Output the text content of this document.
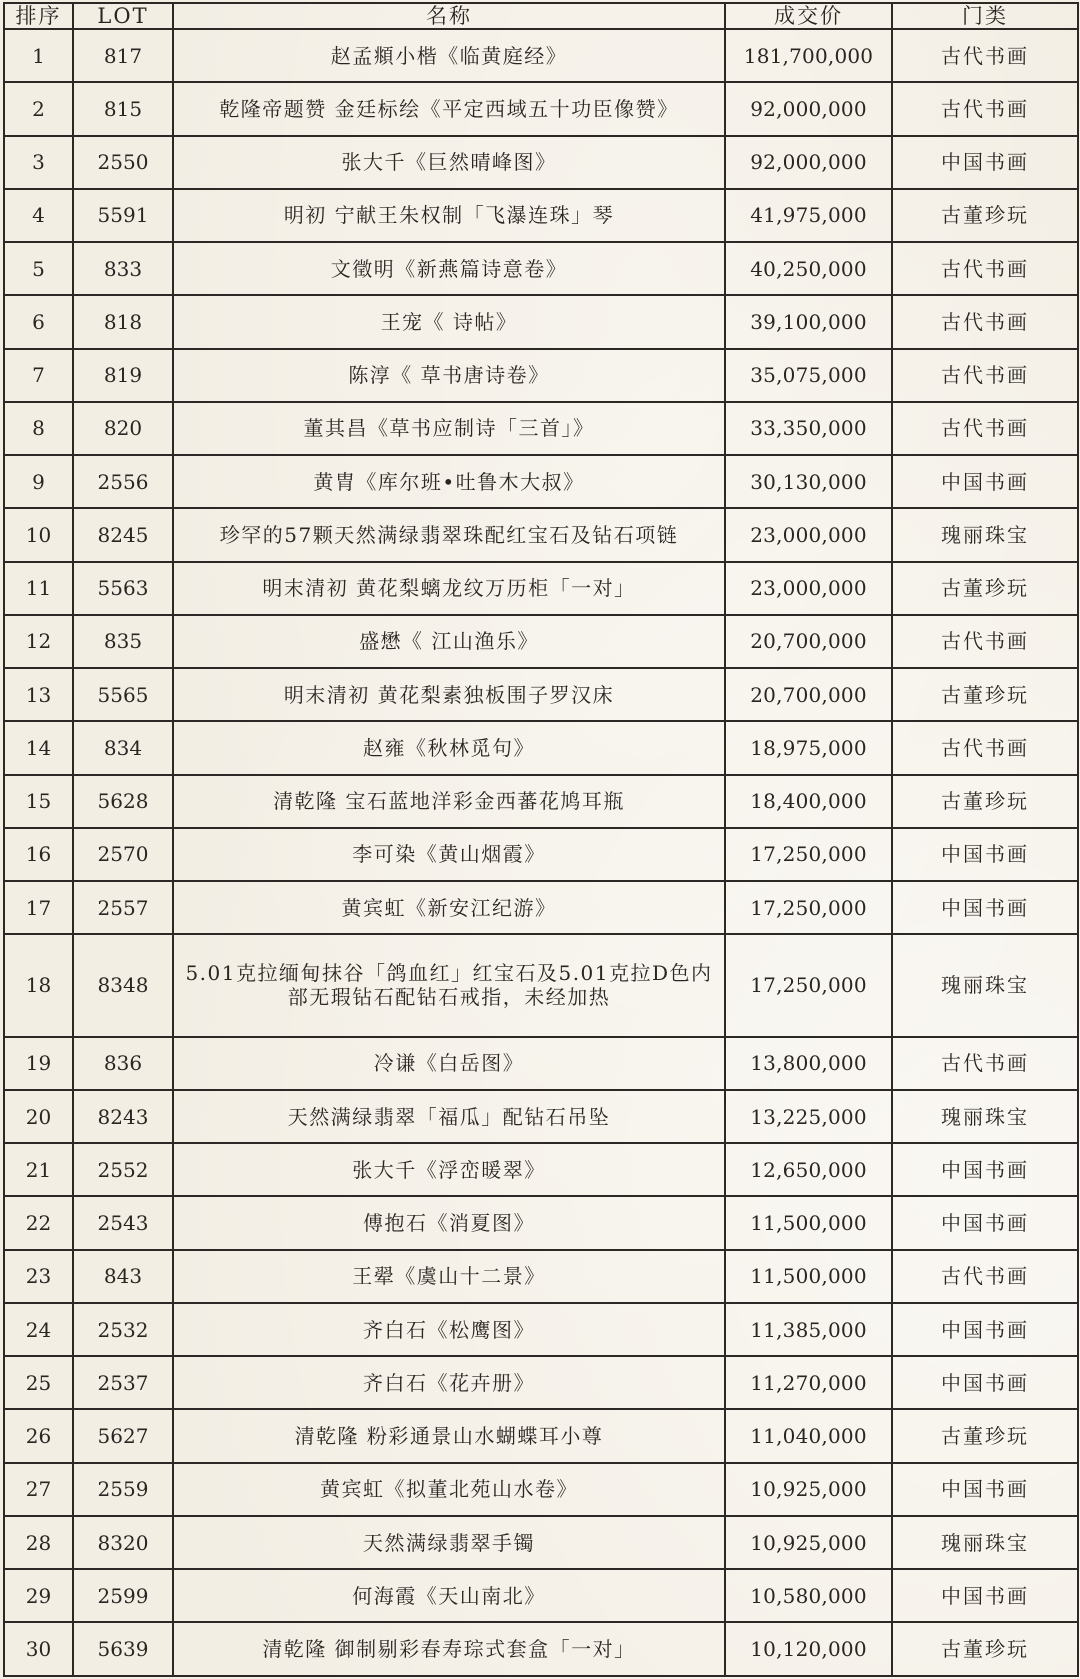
排序	LOT	名称	成交价	门类
1	817	赵孟頫小楷《临黄庭经》	181,700,000	古代书画
2	815	乾隆帝题赞 金廷标绘《平定西域五十功臣像赞》	92,000,000	古代书画
3	2550	张大千《巨然晴峰图》	92,000,000	中国书画
4	5591	明初 宁献王朱权制「飞瀑连珠」琴	41,975,000	古董珍玩
5	833	文徵明《新燕篇诗意卷》	40,250,000	古代书画
6	818	王宠《 诗帖》	39,100,000	古代书画
7	819	陈淳《 草书唐诗卷》	35,075,000	古代书画
8	820	董其昌《草书应制诗「三首」》	33,350,000	古代书画
9	2556	黄胄《库尔班•吐鲁木大叔》	30,130,000	中国书画
10	8245	珍罕的57颗天然满绿翡翠珠配红宝石及钻石项链	23,000,000	瑰丽珠宝
11	5563	明末清初 黄花梨螭龙纹万历柜「一对」	23,000,000	古董珍玩
12	835	盛懋《 江山渔乐》	20,700,000	古代书画
13	5565	明末清初 黄花梨素独板围子罗汉床	20,700,000	古董珍玩
14	834	赵雍《秋林觅句》	18,975,000	古代书画
15	5628	清乾隆 宝石蓝地洋彩金西蕃花鸠耳瓶	18,400,000	古董珍玩
16	2570	李可染《黄山烟霞》	17,250,000	中国书画
17	2557	黄宾虹《新安江纪游》	17,250,000	中国书画
18	8348	5.01克拉缅甸抹谷「鸽血红」红宝石及5.01克拉D色内部无瑕钻石配钻石戒指，未经加热	17,250,000	瑰丽珠宝
19	836	冷谦《白岳图》	13,800,000	古代书画
20	8243	天然满绿翡翠「福瓜」配钻石吊坠	13,225,000	瑰丽珠宝
21	2552	张大千《浮峦暖翠》	12,650,000	中国书画
22	2543	傅抱石《消夏图》	11,500,000	中国书画
23	843	王翚《虞山十二景》	11,500,000	古代书画
24	2532	齐白石《松鹰图》	11,385,000	中国书画
25	2537	齐白石《花卉册》	11,270,000	中国书画
26	5627	清乾隆 粉彩通景山水蝴蝶耳小尊	11,040,000	古董珍玩
27	2559	黄宾虹《拟董北苑山水卷》	10,925,000	中国书画
28	8320	天然满绿翡翠手镯	10,925,000	瑰丽珠宝
29	2599	何海霞《天山南北》	10,580,000	中国书画
30	5639	清乾隆 御制剔彩春寿琮式套盒「一对」	10,120,000	古董珍玩
